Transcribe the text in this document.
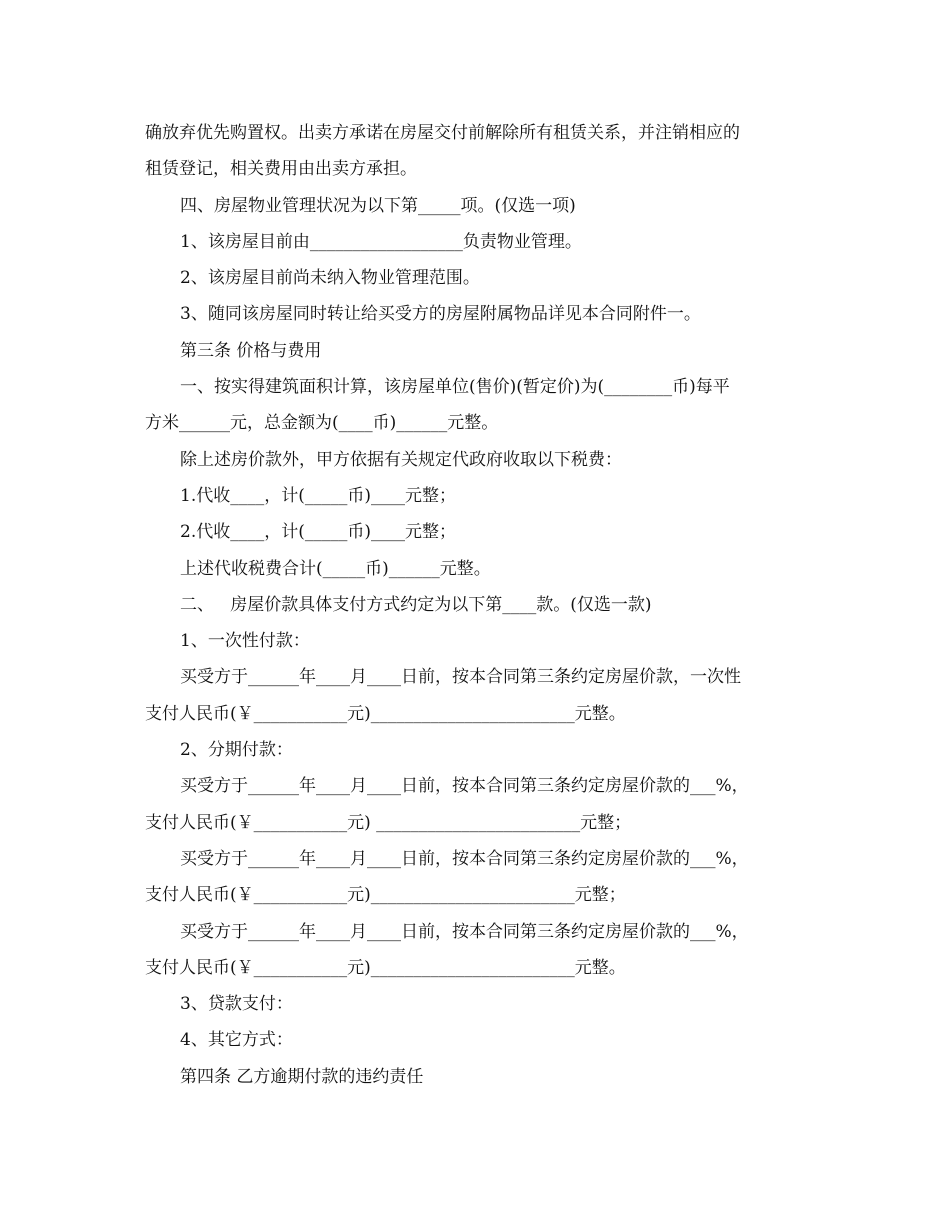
确放弃优先购置权。出卖方承诺在房屋交付前解除所有租赁关系，并注销相应的
租赁登记，相关费用由出卖方承担。
四、房屋物业管理状况为以下第_____项。(仅选一项)
1、该房屋目前由__________________负责物业管理。
2、该房屋目前尚未纳入物业管理范围。
3、随同该房屋同时转让给买受方的房屋附属物品详见本合同附件一。
第三条 价格与费用
一、按实得建筑面积计算，该房屋单位(售价)(暂定价)为(________币)每平
方米______元，总金额为(____币)______元整。
除上述房价款外，甲方依据有关规定代政府收取以下税费：
1.代收____，计(_____币)____元整；
2.代收____，计(_____币)____元整；
上述代收税费合计(_____币)______元整。
二、   房屋价款具体支付方式约定为以下第____款。(仅选一款)
1、一次性付款：
买受方于______年____月____日前，按本合同第三条约定房屋价款，一次性
支付人民币(￥___________元)________________________元整。
2、分期付款：
买受方于______年____月____日前，按本合同第三条约定房屋价款的___%，
支付人民币(￥___________元) ________________________元整；
买受方于______年____月____日前，按本合同第三条约定房屋价款的___%，
支付人民币(￥___________元)________________________元整；
买受方于______年____月____日前，按本合同第三条约定房屋价款的___%，
支付人民币(￥___________元)________________________元整。
3、贷款支付：
4、其它方式：
第四条 乙方逾期付款的违约责任
